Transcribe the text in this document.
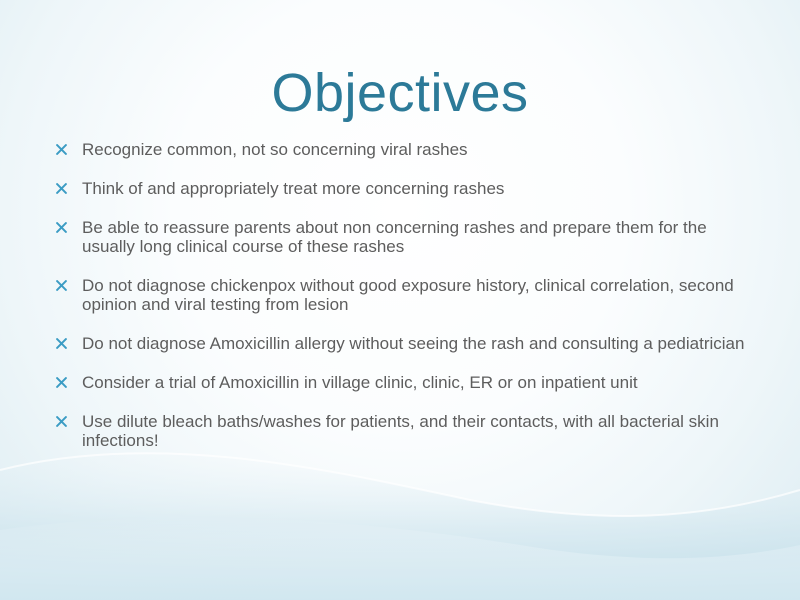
Objectives
Recognize common, not so concerning viral rashes
Think of and appropriately treat more concerning rashes
Be able to reassure parents about non concerning rashes and prepare them for the usually long clinical course of these rashes
Do not diagnose chickenpox without good exposure history, clinical correlation, second opinion and viral testing from lesion
Do not diagnose Amoxicillin allergy without seeing the rash and consulting a pediatrician
Consider a trial of Amoxicillin in village clinic, clinic, ER or on inpatient unit
Use dilute bleach baths/washes for patients, and their contacts, with all bacterial skin infections!
